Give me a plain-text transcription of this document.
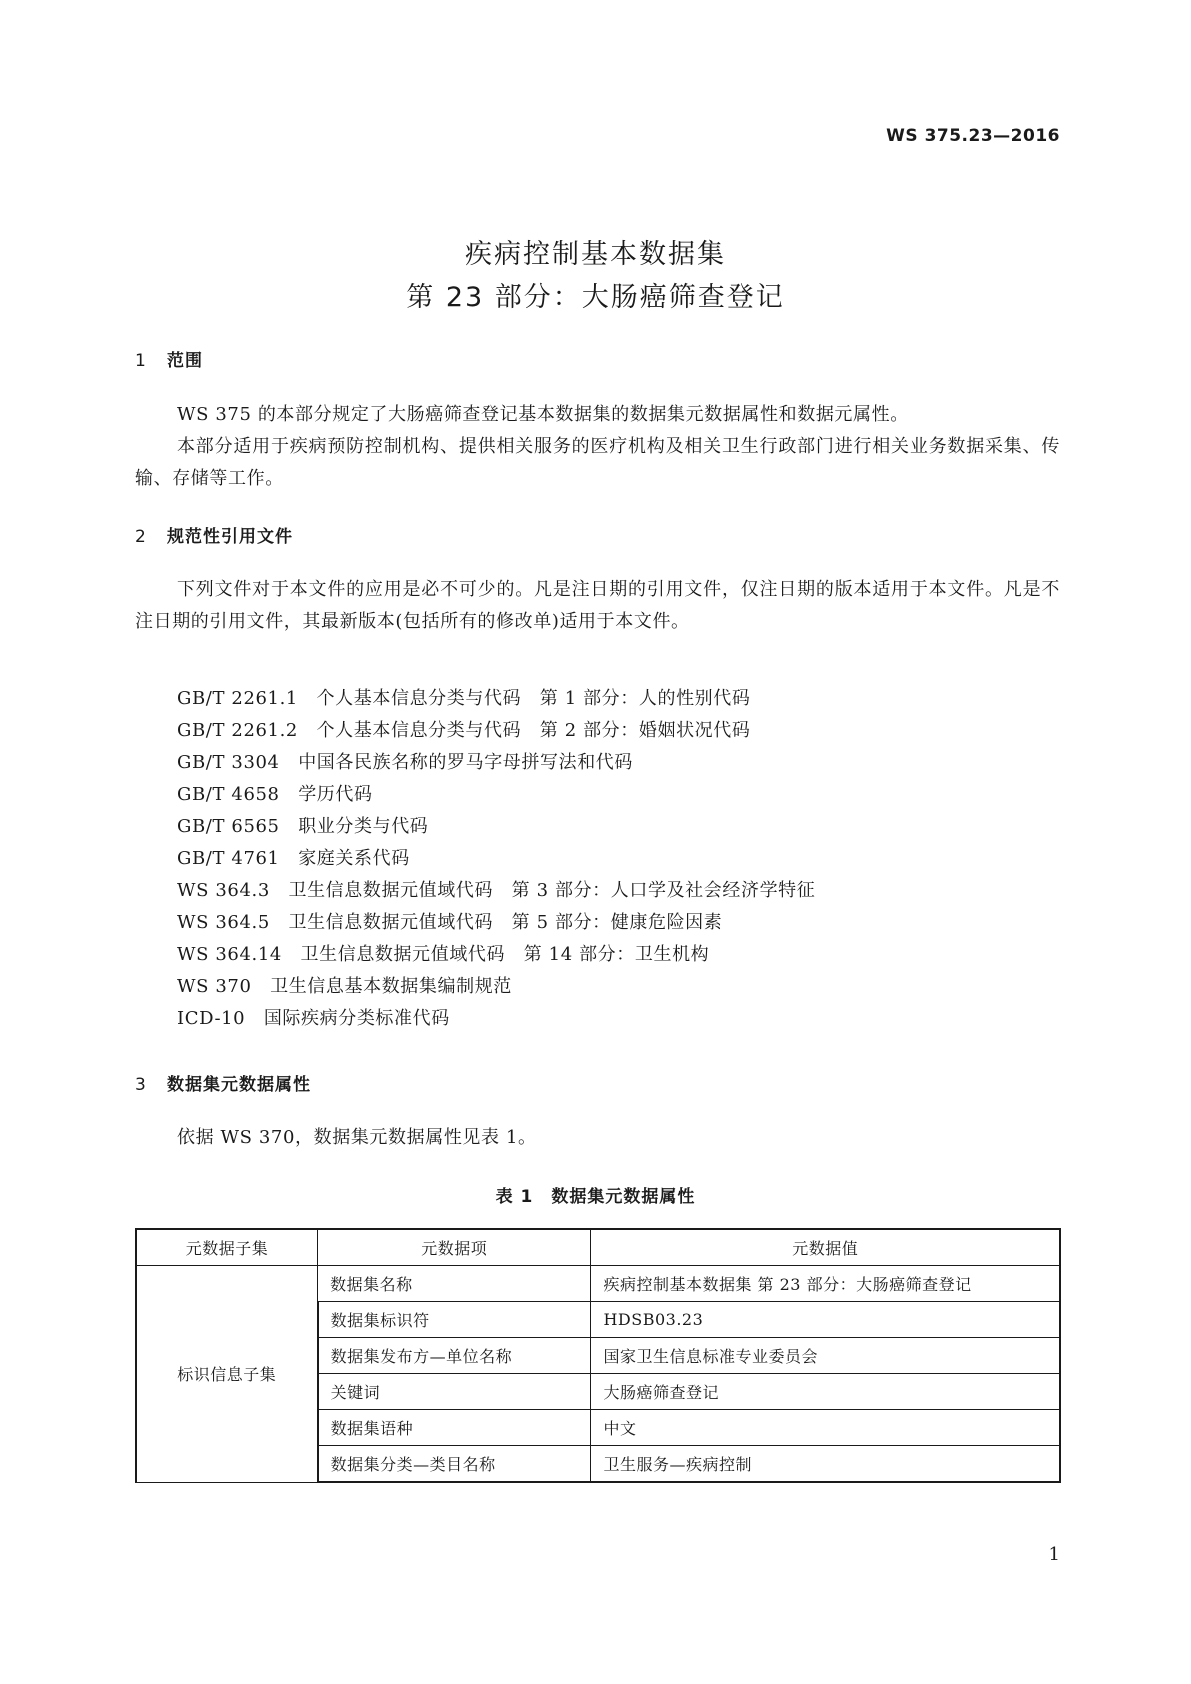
WS 375.23—2016
疾病控制基本数据集
第 23 部分：大肠癌筛查登记
1 范围
WS 375 的本部分规定了大肠癌筛查登记基本数据集的数据集元数据属性和数据元属性。
本部分适用于疾病预防控制机构、提供相关服务的医疗机构及相关卫生行政部门进行相关业务数据采集、传输、存储等工作。
2 规范性引用文件
下列文件对于本文件的应用是必不可少的。凡是注日期的引用文件，仅注日期的版本适用于本文件。凡是不注日期的引用文件，其最新版本(包括所有的修改单)适用于本文件。
GB/T 2261.1　个人基本信息分类与代码　第 1 部分：人的性别代码
GB/T 2261.2　个人基本信息分类与代码　第 2 部分：婚姻状况代码
GB/T 3304　中国各民族名称的罗马字母拼写法和代码
GB/T 4658　学历代码
GB/T 6565　职业分类与代码
GB/T 4761　家庭关系代码
WS 364.3　卫生信息数据元值域代码　第 3 部分：人口学及社会经济学特征
WS 364.5　卫生信息数据元值域代码　第 5 部分：健康危险因素
WS 364.14　卫生信息数据元值域代码　第 14 部分：卫生机构
WS 370　卫生信息基本数据集编制规范
ICD-10　国际疾病分类标准代码
3 数据集元数据属性
依据 WS 370，数据集元数据属性见表 1。
表 1　数据集元数据属性
元数据子集	元数据项	元数据值
标识信息子集	数据集名称	疾病控制基本数据集 第 23 部分：大肠癌筛查登记
	数据集标识符	HDSB03.23
	数据集发布方—单位名称	国家卫生信息标准专业委员会
	关键词	大肠癌筛查登记
	数据集语种	中文
	数据集分类—类目名称	卫生服务—疾病控制
1
